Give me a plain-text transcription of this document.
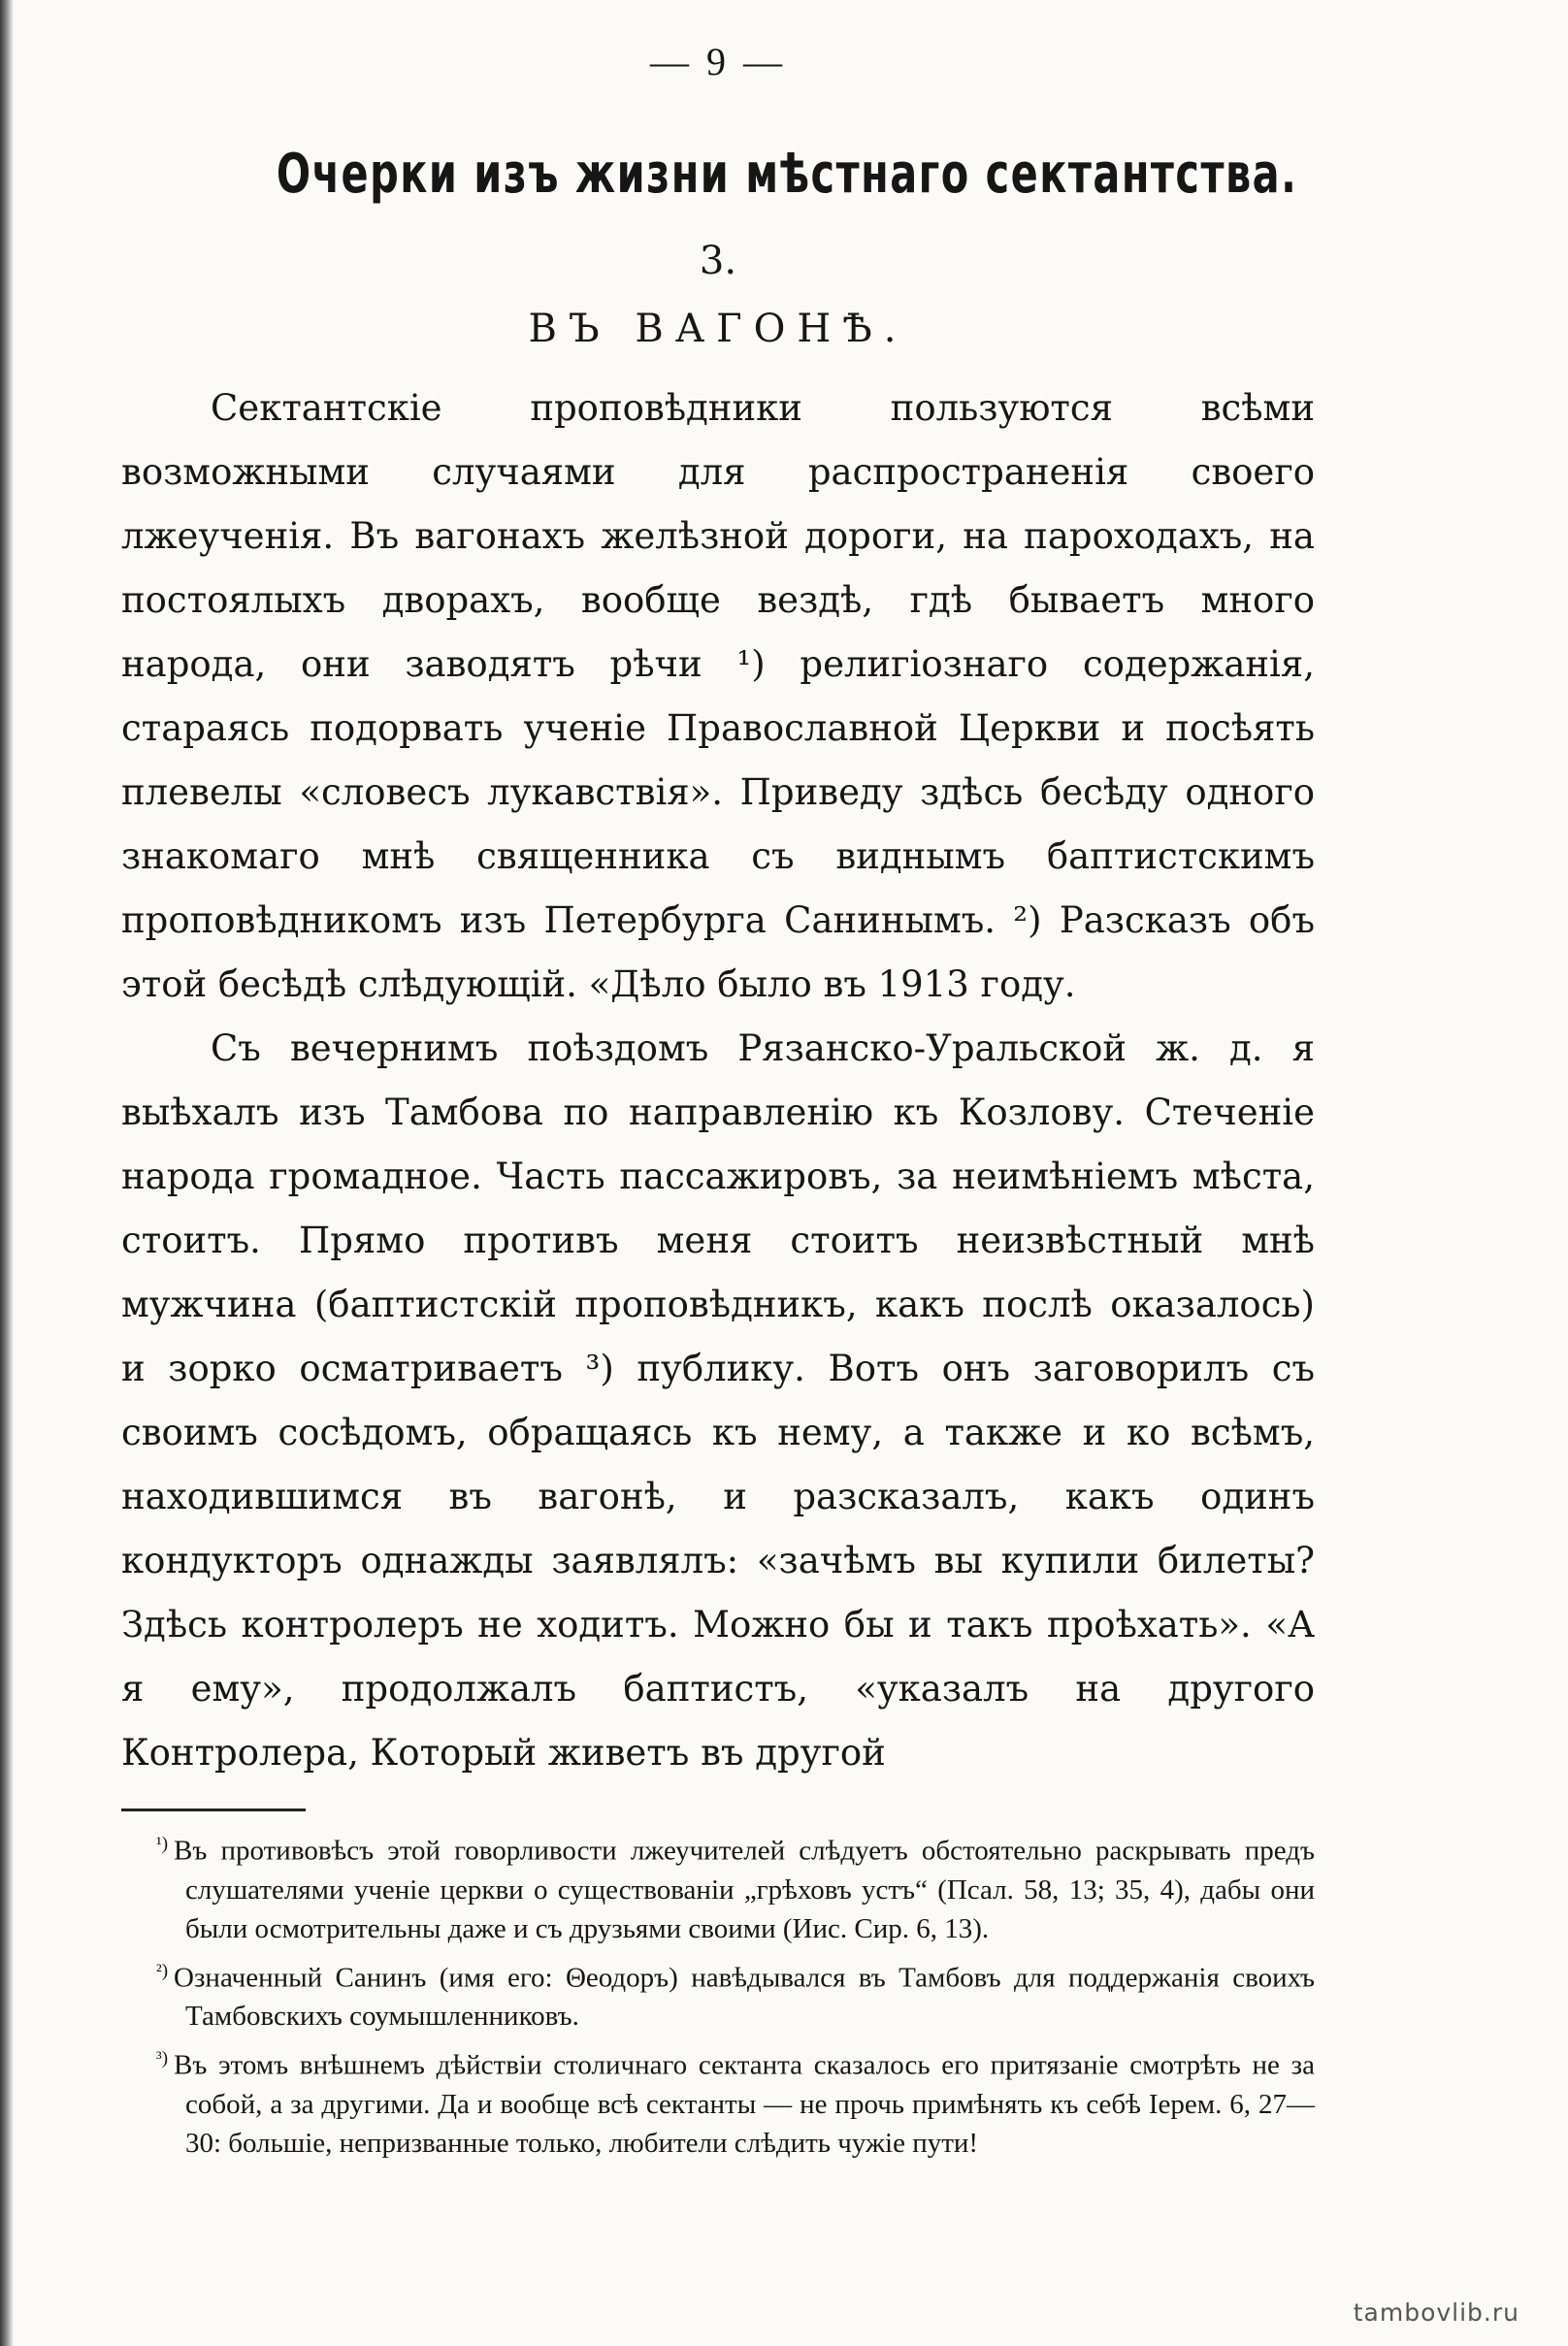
— 9 —
Очерки изъ жизни мѣстнаго сектантства.
3.
ВЪ ВАГОНѢ.

Сектантскіе проповѣдники пользуются всѣми возможными случаями для распространенія своего лжеученія. Въ вагонахъ желѣзной дороги, на пароходахъ, на постоялыхъ дворахъ, вообще вездѣ, гдѣ бываетъ много народа, они заводятъ рѣчи ¹) религіознаго содержанія, стараясь подорвать ученіе Православной Церкви и посѣять плевелы «словесъ лукавствія». Приведу здѣсь бесѣду одного знакомаго мнѣ священника съ виднымъ баптистскимъ проповѣдникомъ изъ Петербурга Санинымъ. ²) Разсказъ объ этой бесѣдѣ слѣдующій. «Дѣло было въ 1913 году.

Съ вечернимъ поѣздомъ Рязанско-Уральской ж. д. я выѣхалъ изъ Тамбова по направленію къ Козлову. Стеченіе народа громадное. Часть пассажировъ, за неимѣніемъ мѣста, стоитъ. Прямо противъ меня стоитъ неизвѣстный мнѣ мужчина (баптистскій проповѣдникъ, какъ послѣ оказалось) и зорко осматриваетъ ³) публику. Вотъ онъ заговорилъ съ своимъ сосѣдомъ, обращаясь къ нему, а также и ко всѣмъ, находившимся въ вагонѣ, и разсказалъ, какъ одинъ кондукторъ однажды заявлялъ: «зачѣмъ вы купили билеты? Здѣсь контролеръ не ходитъ. Можно бы и такъ проѣхать». «А я ему», продолжалъ баптистъ, «указалъ на другого Контролера, Который живетъ въ другой

$^{^1)}$ Въ противовѣсъ этой говорливости лжеучителей слѣдуетъ обстоятельно раскрывать предъ слушателями ученіе церкви о существованіи „грѣховъ устъ“ (Псал. 58, 13; 35, 4), дабы они были осмотрительны даже и съ друзьями своими (Иис. Сир. 6, 13).

$^{^2)}$ Означенный Санинъ (имя его: Θеодоръ) навѣдывался въ Тамбовъ для поддержанія своихъ Тамбовскихъ соумышленниковъ.

$^{^3)}$ Въ этомъ внѣшнемъ дѣйствіи столичнаго сектанта сказалось его притязаніе смотрѣть не за собой, а за другими. Да и вообще всѣ сектанты — не прочь примѣнять къ себѣ Іерем. 6, 27—30: большіе, непризванные только, любители слѣдить чужіе пути!

tambovlib.ru
